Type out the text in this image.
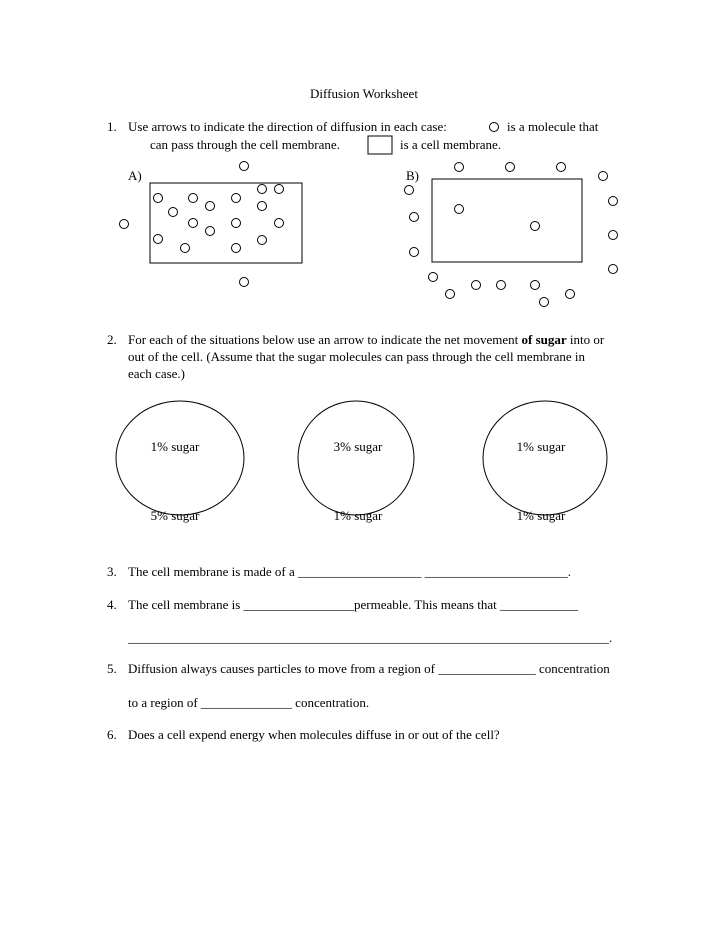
Diffusion Worksheet
1. Use arrows to indicate the direction of diffusion in each case:	is a molecule that
can pass through the cell membrane.	is a cell membrane.
A)	B)
2. For each of the situations below use an arrow to indicate the net movement of sugar into or
out of the cell. (Assume that the sugar molecules can pass through the cell membrane in
each case.)
1% sugar	3% sugar	1% sugar
5% sugar	1% sugar	1% sugar
3. The cell membrane is made of a ___________________ ______________________.
4. The cell membrane is _________________permeable. This means that ____________
__________________________________________________________________________.
5. Diffusion always causes particles to move from a region of _______________ concentration
to a region of ______________ concentration.
6. Does a cell expend energy when molecules diffuse in or out of the cell?
